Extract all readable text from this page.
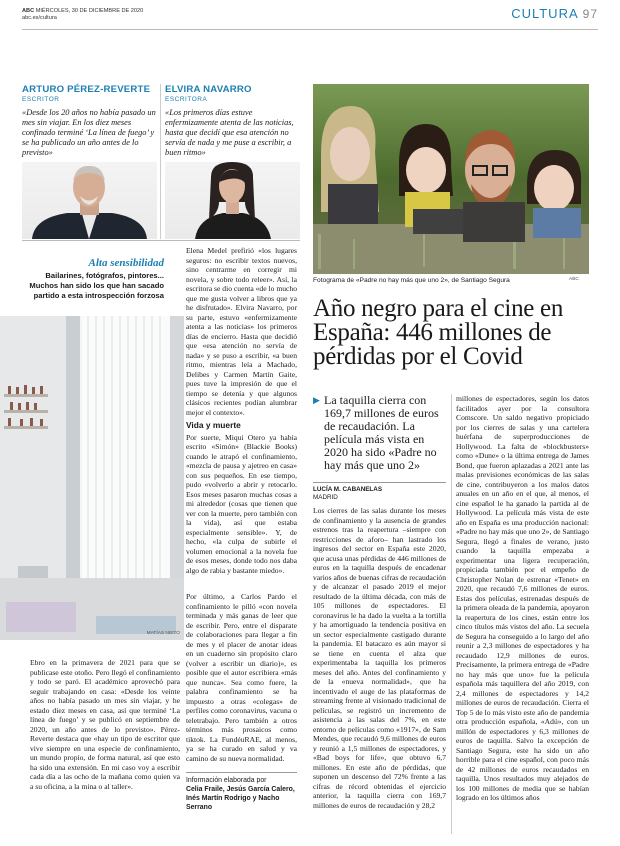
ABC MIÉRCOLES, 30 DE DICIEMBRE DE 2020
abc.es/cultura	CULTURA 97
ARTURO PÉREZ-REVERTE
ESCRITOR
«Desde los 20 años no había pasado un mes sin viajar. En los diez meses confinado terminé ‘La línea de fuego’ y se ha publicado un año antes de lo previsto»
ELVIRA NAVARRO
ESCRITORA
«Los primeros días estuve enfermizamente atenta de las noticias, hasta que decidí que esa atención no servía de nada y me puse a escribir, a buen ritmo»
Alta sensibilidad
Bailarines, fotógrafos, pintores... Muchos han sido los que han sacado partido a esta introspección forzosa
MATÍAS NIETO

Elena Medel prefirió «los lugares seguros: no escribir textos nuevos, sino centrarme en corregir mi novela, y sobre todo releer». Así, la escritora se dio cuenta «de lo mucho que me gusta volver a libros que ya he disfrutado». Elvira Navarro, por su parte, estuvo «enfermizamente atenta a las noticias» los primeros días de encierro. Hasta que decidió que «esa atención no servía de nada» y se puso a escribir, «a buen ritmo, mientras leía a Machado, Delibes y Carmen Martín Gaite, pues tuve la impresión de que el tiempo se detenía y que algunos clásicos recientes podían alumbrar mejor el contexto».

Vida y muerte

Por suerte, Miqui Otero ya había escrito «Simón» (Blackie Books) cuando le atrapó el confinamiento, «mezcla de pausa y ajetreo en casa» con sus pequeños. En ese tiempo, pudo «volverlo a abrir y retocarlo. Esos meses pasaron muchas cosas a mi alrededor (cosas que tienen que ver con la muerte, pero también con la vida), así que estaba especialmente sensible». Y, de hecho, «la culpa de subirle el volumen emocional a la novela fue de esos meses, donde todo nos daba algo de rabia y bastante miedo».

Por último, a Carlos Pardo el confinamiento le pilló «con novela terminada y más ganas de leer que de escribir. Pero, entre el disparate de colaboraciones para llegar a fin de mes y el placer de anotar ideas en un cuaderno sin propósito claro (volver a escribir un diario)», es posible que el autor escribiera «más que nunca». Sea como fuere, la palabra confinamiento se ha impuesto a otras «colegas» de perfiles como coronavirus, vacuna o teletrabajo. Pero también a otros términos más prosaicos como tiktok. La FundéuRAE, al menos, ya se ha curado en salud y va camino de su nueva normalidad.

Ebro en la primavera de 2021 para que se publicase este otoño. Pero llegó el confinamiento y todo se paró. El académico aprovechó para seguir trabajando en casa: «Desde los veinte años no había pasado un mes sin viajar, y he estado diez meses en casa, así que terminé ‘La línea de fuego’ y se publicó en septiembre de 2020, un año antes de lo previsto». Pérez-Reverte destaca que «hay un tipo de escritor que vive siempre en una especie de confinamiento, un mundo propio, de forma natural, así que esto ha sido una extensión. En mi caso voy a escribir cada día a las ocho de la mañana como quien va a su oficina, a la mina o al taller».

Información elaborada por
Celia Fraile, Jesús García Calero, Inés Martín Rodrigo y Nacho Serrano
Fotograma de «Padre no hay más que uno 2», de Santiago Segura	ABC
Año negro para el cine en España: 446 millones de pérdidas por el Covid
▶ La taquilla cierra con 169,7 millones de euros de recaudación. La película más vista en 2020 ha sido «Padre no hay más que uno 2»
LUCÍA M. CABANELAS
MADRID

Los cierres de las salas durante los meses de confinamiento y la ausencia de grandes estrenos tras la reapertura –siempre con restricciones de aforo– han lastrado los ingresos del sector en España este 2020, que acusa unas pérdidas de 446 millones de euros en la taquilla después de encadenar varios años de buenas cifras de recaudación y de alcanzar el pasado 2019 el mejor resultado de la última década, con más de 105 millones de espectadores. El coronavirus le ha dado la vuelta a la tortilla y ha amortiguado la tendencia positiva en un sector especialmente castigado durante la pandemia. El batacazo es aún mayor si se tiene en cuenta el alza que experimentaba la taquilla los primeros meses del año. Antes del confinamiento y de la «nueva normalidad», que ha incentivado el auge de las plataformas de streaming frente al visionado tradicional de películas, se registró un incremento de asistencia a las salas del 7%, en este entorno de películas como «1917», de Sam Mendes, que recaudó 9,6 millones de euros y reunió a 1,5 millones de espectadores, y «Bad boys for life», que obtuvo 6,7 millones. En este año de pérdidas, que suponen un descenso del 72% frente a las cifras de récord obtenidas el ejercicio anterior, la taquilla cierra con 169,7 millones de euros de recaudación y 28,2

millones de espectadores, según los datos facilitados ayer por la consultora Comscore. Un saldo negativo propiciado por los cierres de salas y una cartelera huérfana de superproducciones de Hollywood. La falta de «blockbusters» como «Dune» o la última entrega de James Bond, que fueron aplazadas a 2021 ante las malas previsiones económicas de las salas de cine, contribuyeron a los malos datos anuales en un año en el que, al menos, el cine español le ha ganado la partida al de Hollywood. La película más vista de este año en España es una producción nacional: «Padre no hay más que uno 2», de Santiago Segura, llegó a finales de verano, justo cuando la taquilla empezaba a experimentar una ligera recuperación, propiciada también por el empeño de Christopher Nolan de estrenar «Tenet» en 2020, que recaudó 7,6 millones de euros. Estas dos películas, estrenadas después de la primera oleada de la pandemia, apoyaron la reapertura de los cines, están entre los cinco títulos más vistos del año. La secuela de Segura ha conseguido a lo largo del año reunir a 2,3 millones de espectadores y ha recaudado 12,9 millones de euros. Precisamente, la primera entrega de «Padre no hay más que uno» fue la película española más taquillera del año 2019, con 2,4 millones de espectadores y 14,2 millones de euros de recaudación. Cierra el Top 5 de lo más visto este año de pandemia otra producción española, «Adú», con un millón de espectadores y 6,3 millones de euros de taquilla. Salvo la excepción de Santiago Segura, este ha sido un año horrible para el cine español, con poco más de 42 millones de euros recaudados en taquilla. Unos resultados muy alejados de los 100 millones de media que se habían logrado en los últimos años
